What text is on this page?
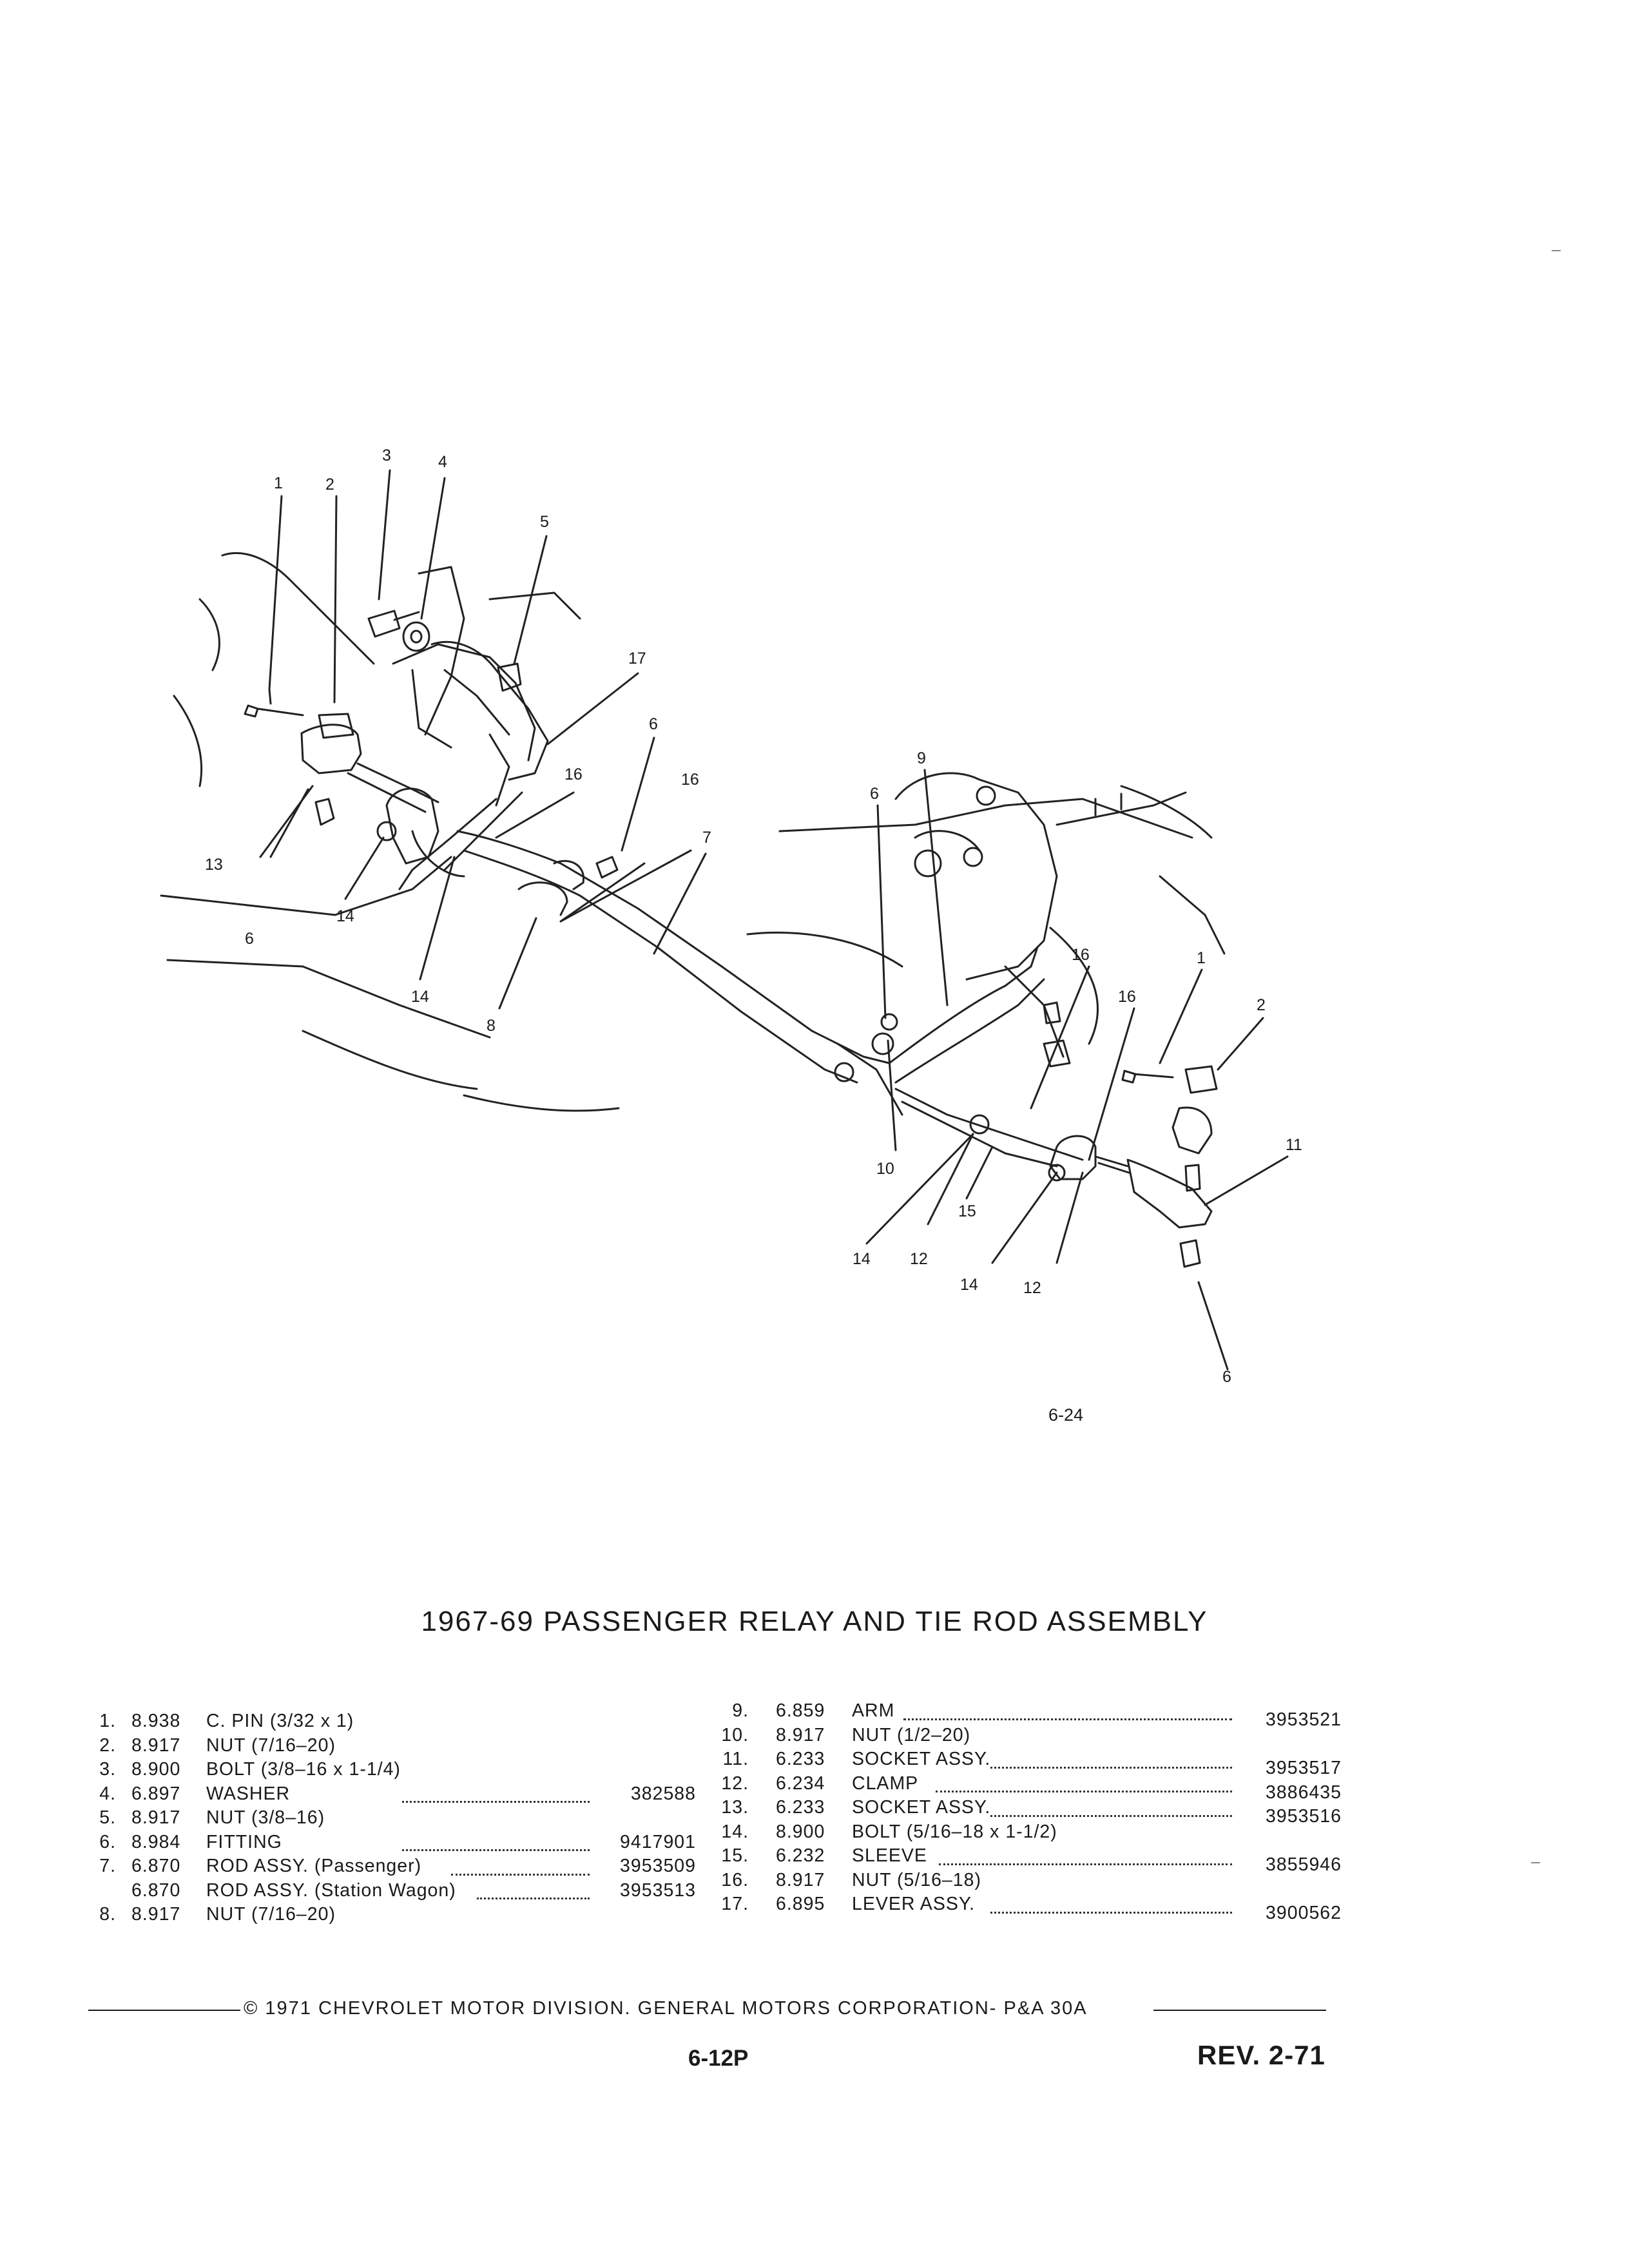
1	2
3	4
5
17
6
16	16
7
13
6
14
14
8
9
6
16
16
1
2
11
10
14 12
15
14	12
6
6-24
1967-69 PASSENGER RELAY AND TIE ROD ASSEMBLY
1. 8.938 C. PIN (3/32 x 1)
2. 8.917 NUT (7/16–20)
3. 8.900 BOLT (3/8–16 x 1-1/4)
4. 6.897 WASHER	382588
5. 8.917 NUT (3/8–16)
6. 8.984 FITTING	9417901
7. 6.870 ROD ASSY. (Passenger)	3953509
6.870 ROD ASSY. (Station Wagon)	3953513
8. 8.917 NUT (7/16–20)
9. 6.859 ARM	3953521
10. 8.917 NUT (1/2–20)
11. 6.233 SOCKET ASSY.	3953517
12. 6.234 CLAMP	3886435
13. 6.233 SOCKET ASSY.	3953516
14. 8.900 BOLT (5/16–18 x 1-1/2)
15. 6.232 SLEEVE	3855946
16. 8.917 NUT (5/16–18)
17. 6.895 LEVER ASSY.	3900562
© 1971 CHEVROLET MOTOR DIVISION. GENERAL MOTORS CORPORATION- P&A 30A
6-12P	REV. 2-71
